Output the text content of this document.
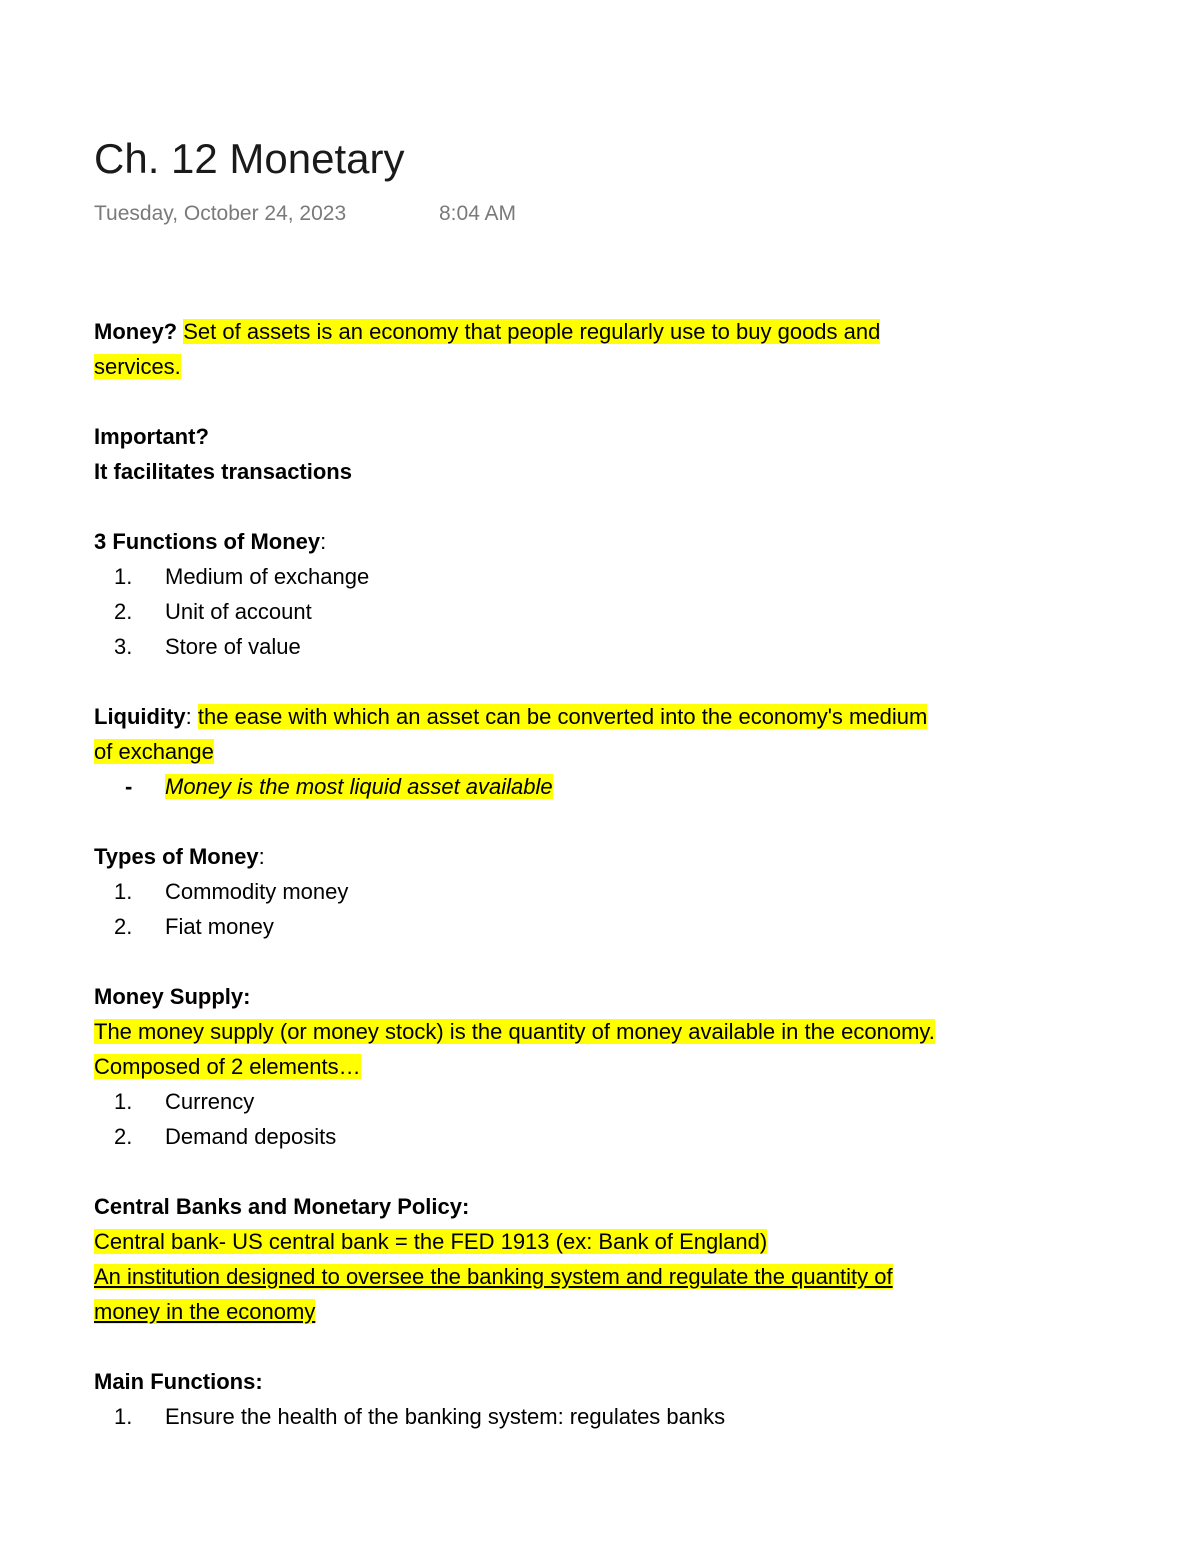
Ch. 12 Monetary
Tuesday, October 24, 2023	8:04 AM
Money? Set of assets is an economy that people regularly use to buy goods and
services.
Important?
It facilitates transactions
3 Functions of Money:
1. Medium of exchange
2. Unit of account
3. Store of value
Liquidity: the ease with which an asset can be converted into the economy's medium
of exchange
- Money is the most liquid asset available
Types of Money:
1. Commodity money
2. Fiat money
Money Supply:
The money supply (or money stock) is the quantity of money available in the economy.
Composed of 2 elements…
1. Currency
2. Demand deposits
Central Banks and Monetary Policy:
Central bank- US central bank = the FED 1913 (ex: Bank of England)
An institution designed to oversee the banking system and regulate the quantity of
money in the economy
Main Functions:
1. Ensure the health of the banking system: regulates banks
